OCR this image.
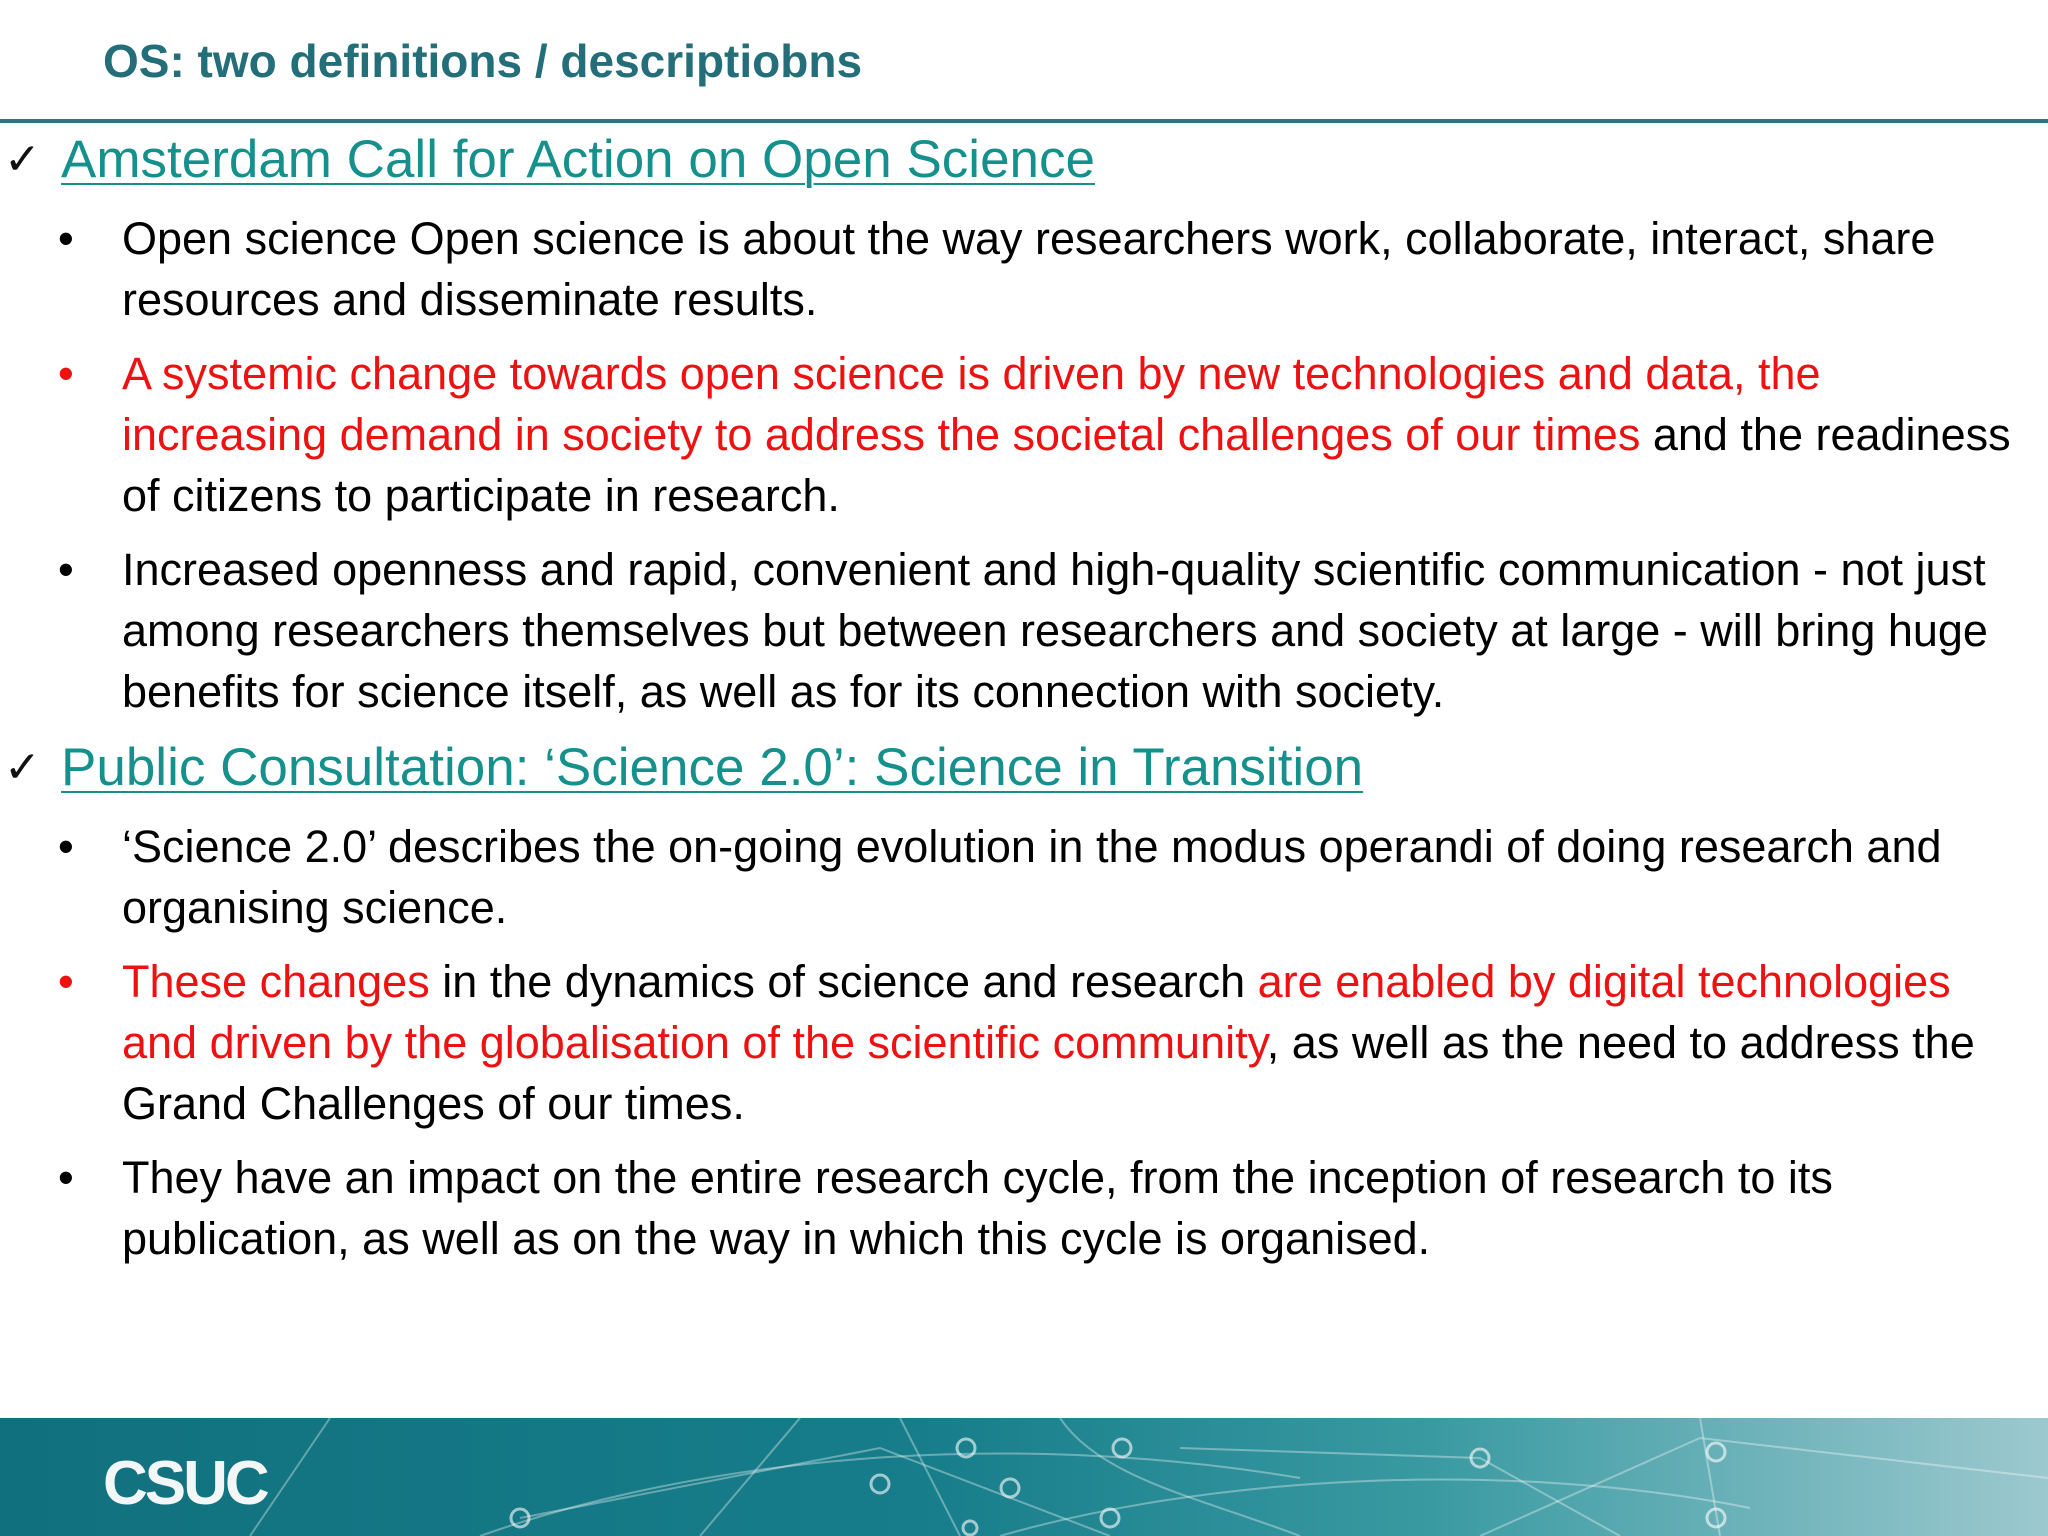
OS: two definitions / descriptiobns
✓ Amsterdam Call for Action on Open Science
• Open science Open science is about the way researchers work, collaborate, interact, share resources and disseminate results.
• A systemic change towards open science is driven by new technologies and data, the increasing demand in society to address the societal challenges of our times and the readiness of citizens to participate in research.
• Increased openness and rapid, convenient and high-quality scientific communication - not just among researchers themselves but between researchers and society at large - will bring huge benefits for science itself, as well as for its connection with society.
✓ Public Consultation: ‘Science 2.0’: Science in Transition
• ‘Science 2.0’ describes the on-going evolution in the modus operandi of doing research and organising science.
• These changes in the dynamics of science and research are enabled by digital technologies and driven by the globalisation of the scientific community, as well as the need to address the Grand Challenges of our times.
• They have an impact on the entire research cycle, from the inception of research to its publication, as well as on the way in which this cycle is organised.
CSUC
